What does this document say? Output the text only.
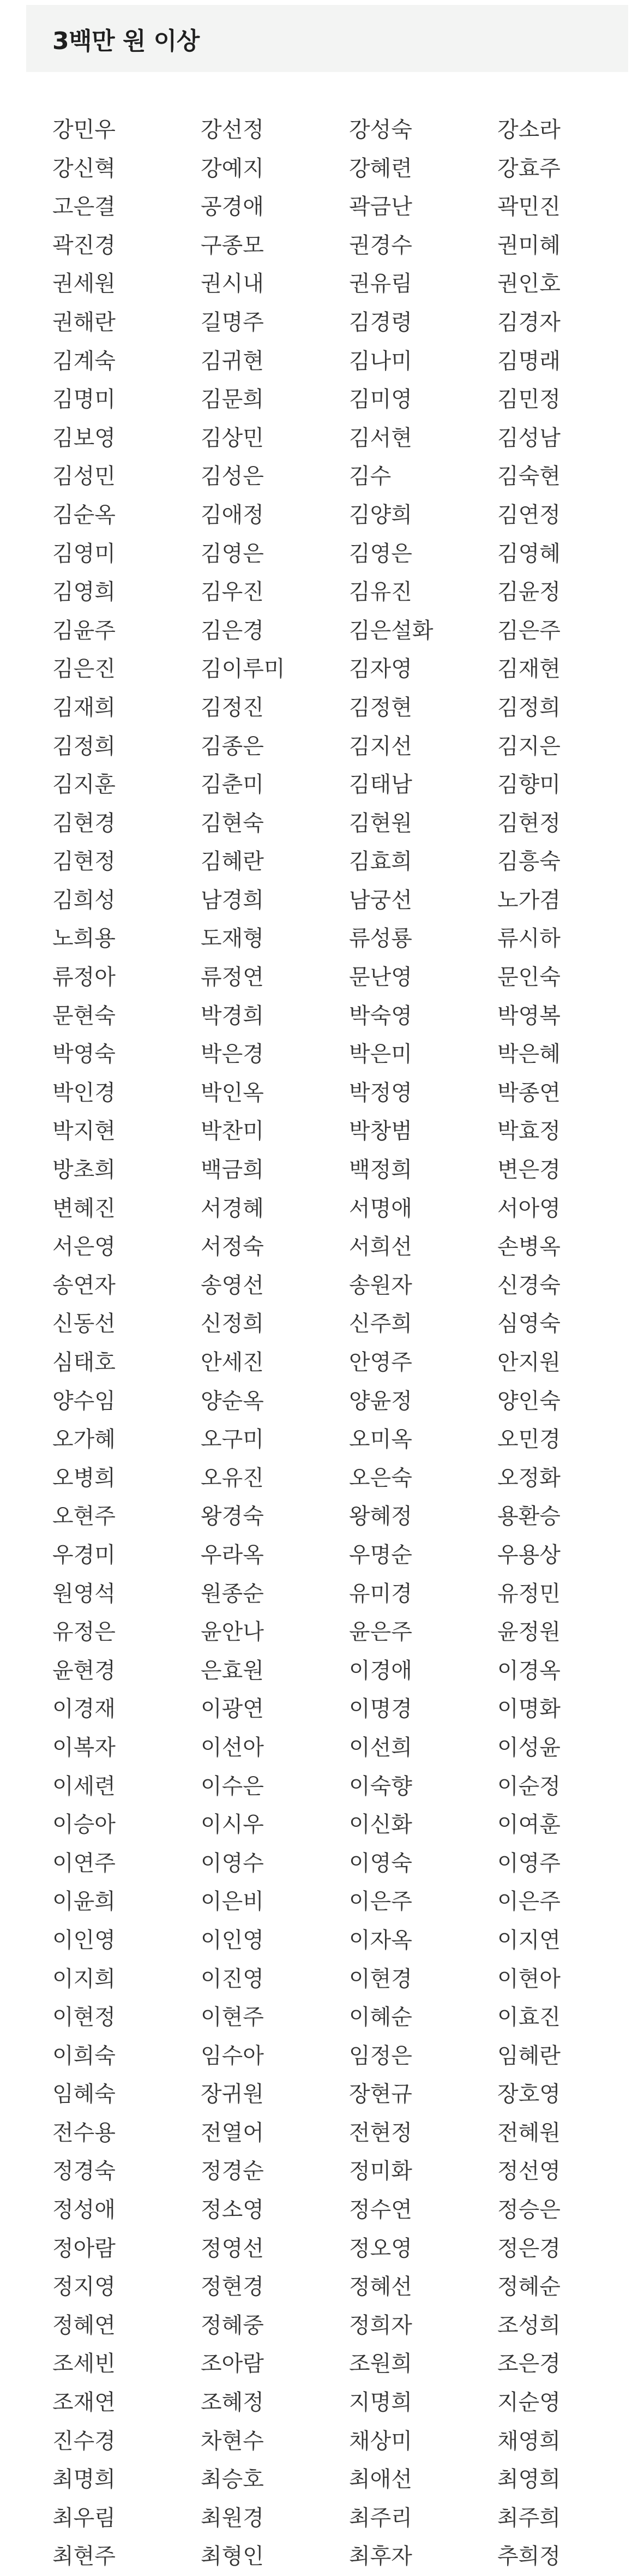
3백만 원 이상
강민우	강선정	강성숙	강소라
강신혁	강예지	강혜련	강효주
고은결	공경애	곽금난	곽민진
곽진경	구종모	권경수	권미혜
권세원	권시내	권유림	권인호
권해란	길명주	김경령	김경자
김계숙	김귀현	김나미	김명래
김명미	김문희	김미영	김민정
김보영	김상민	김서현	김성남
김성민	김성은	김수	김숙현
김순옥	김애정	김양희	김연정
김영미	김영은	김영은	김영혜
김영희	김우진	김유진	김윤정
김윤주	김은경	김은설화	김은주
김은진	김이루미	김자영	김재현
김재희	김정진	김정현	김정희
김정희	김종은	김지선	김지은
김지훈	김춘미	김태남	김향미
김현경	김현숙	김현원	김현정
김현정	김혜란	김효희	김흥숙
김희성	남경희	남궁선	노가겸
노희용	도재형	류성룡	류시하
류정아	류정연	문난영	문인숙
문현숙	박경희	박숙영	박영복
박영숙	박은경	박은미	박은혜
박인경	박인옥	박정영	박종연
박지현	박찬미	박창범	박효정
방초희	백금희	백정희	변은경
변혜진	서경혜	서명애	서아영
서은영	서정숙	서희선	손병옥
송연자	송영선	송원자	신경숙
신동선	신정희	신주희	심영숙
심태호	안세진	안영주	안지원
양수임	양순옥	양윤정	양인숙
오가혜	오구미	오미옥	오민경
오병희	오유진	오은숙	오정화
오현주	왕경숙	왕혜정	용환승
우경미	우라옥	우명순	우용상
원영석	원종순	유미경	유정민
유정은	윤안나	윤은주	윤정원
윤현경	은효원	이경애	이경옥
이경재	이광연	이명경	이명화
이복자	이선아	이선희	이성윤
이세련	이수은	이숙향	이순정
이승아	이시우	이신화	이여훈
이연주	이영수	이영숙	이영주
이윤희	이은비	이은주	이은주
이인영	이인영	이자옥	이지연
이지희	이진영	이현경	이현아
이현정	이현주	이혜순	이효진
이희숙	임수아	임정은	임혜란
임혜숙	장귀원	장현규	장호영
전수용	전열어	전현정	전혜원
정경숙	정경순	정미화	정선영
정성애	정소영	정수연	정승은
정아람	정영선	정오영	정은경
정지영	정현경	정혜선	정혜순
정혜연	정혜중	정희자	조성희
조세빈	조아람	조원희	조은경
조재연	조혜정	지명희	지순영
진수경	차현수	채상미	채영희
최명희	최승호	최애선	최영희
최우림	최원경	최주리	최주희
최현주	최형인	최후자	추희정
